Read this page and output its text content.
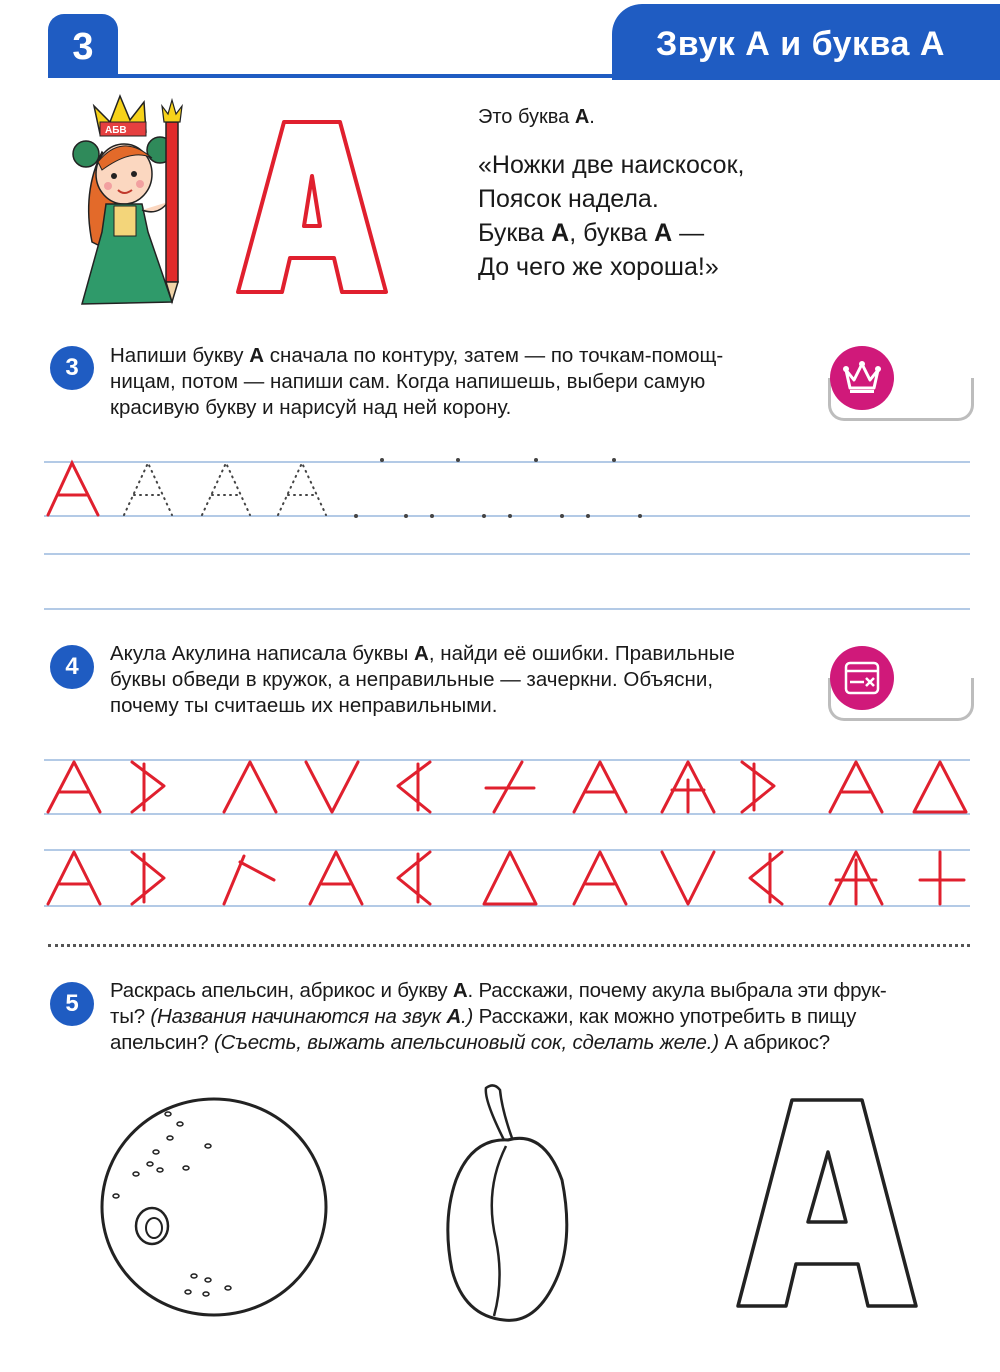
3	Звук А и буква А
АБВ
Это буква А.
«Ножки две наискосок,
Поясок надела.
Буква А, буква А —
До чего же хороша!»
3	Напиши букву А сначала по контуру, затем — по точкам-помощ-
ницам, потом — напиши сам. Когда напишешь, выбери самую
красивую букву и нарисуй над ней корону.
4	Акула Акулина написала буквы А, найди её ошибки. Правильные
буквы обведи в кружок, а неправильные — зачеркни. Объясни,
почему ты считаешь их неправильными.
5	Раскрась апельсин, абрикос и букву А. Расскажи, почему акула выбрала эти фрук-
ты? (Названия начинаются на звук А.) Расскажи, как можно употребить в пищу
апельсин? (Съесть, выжать апельсиновый сок, сделать желе.) А абрикос?
